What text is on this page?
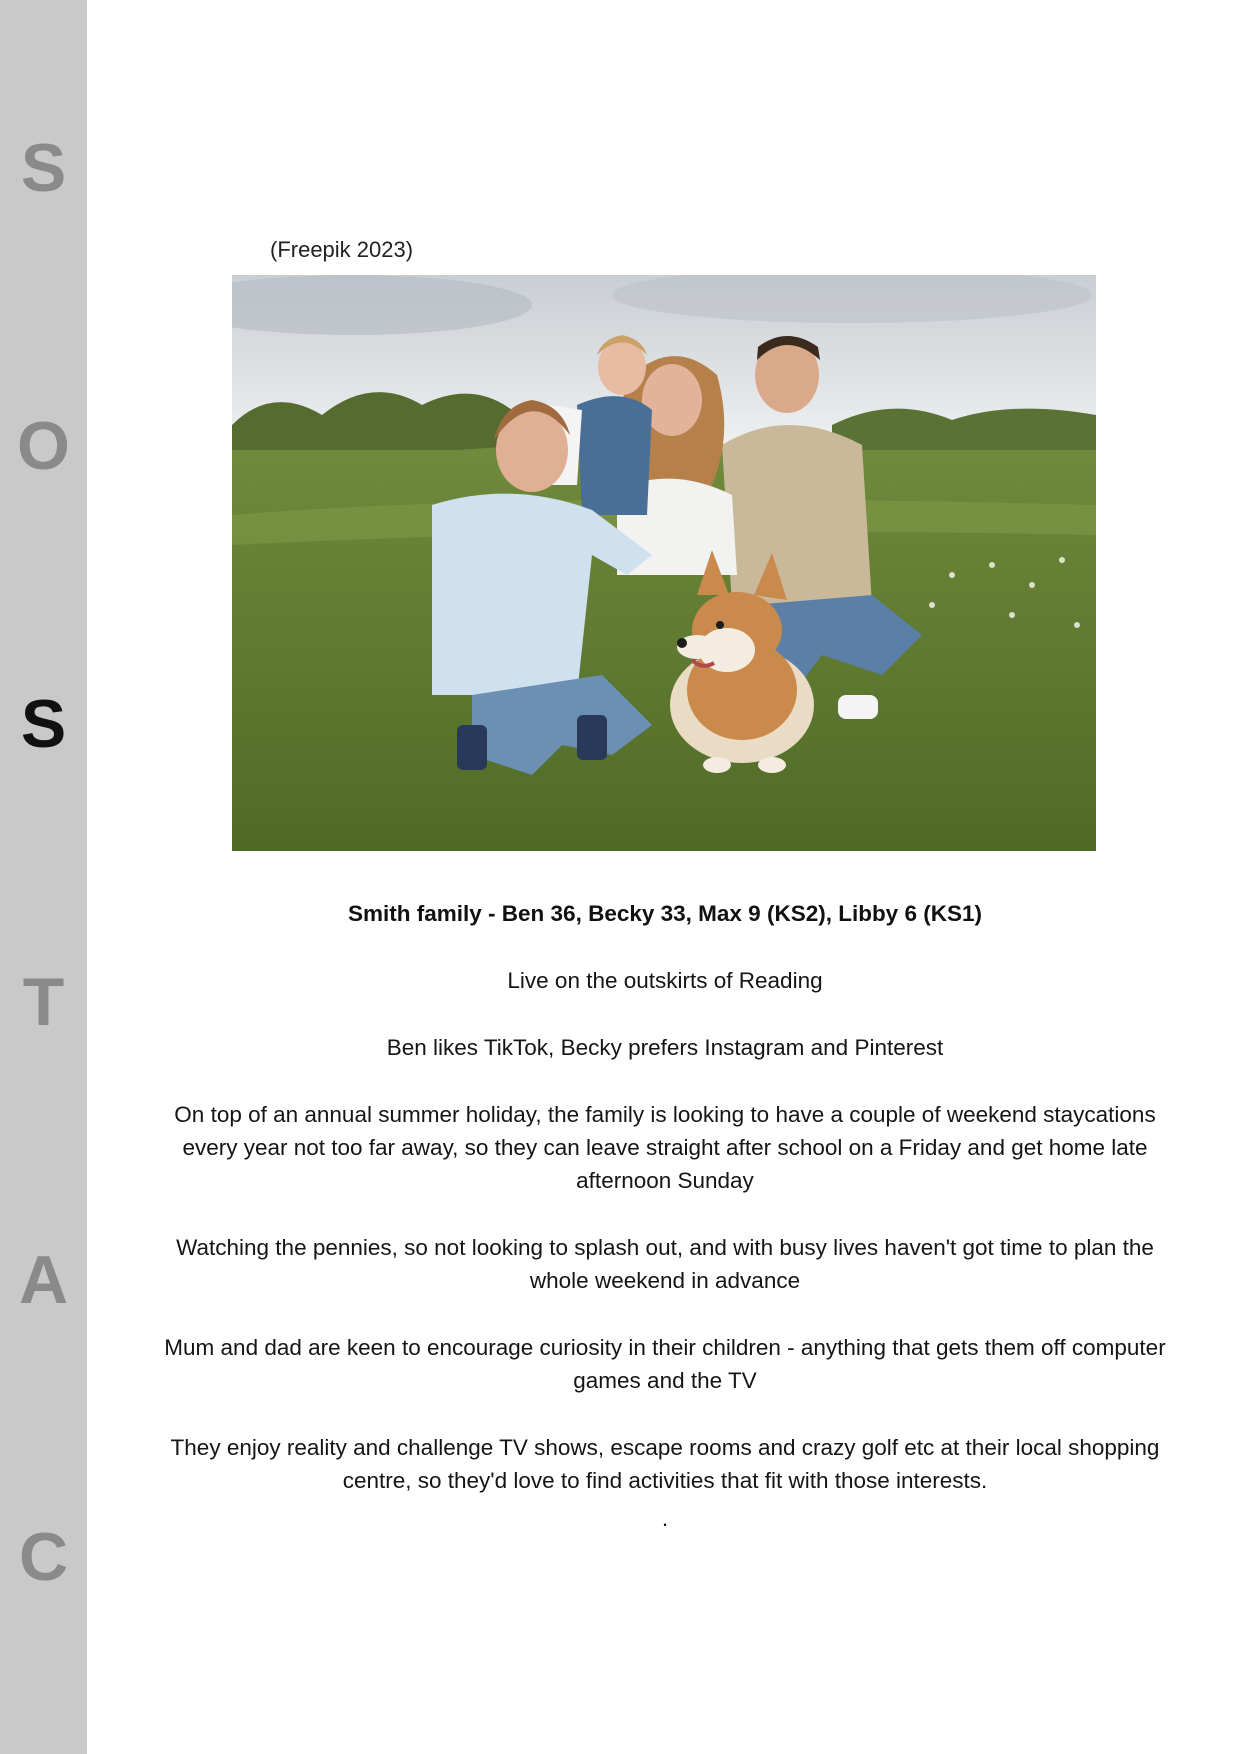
S
O
S
T
A
C
(Freepik 2023)

Smith family - Ben 36, Becky 33, Max 9 (KS2), Libby 6 (KS1)

Live on the outskirts of Reading

Ben likes TikTok, Becky prefers Instagram and Pinterest

On top of an annual summer holiday, the family is looking to have a couple of weekend staycations every year not too far away, so they can leave straight after school on a Friday and get home late afternoon Sunday

Watching the pennies, so not looking to splash out, and with busy lives haven't got time to plan the whole weekend in advance

Mum and dad are keen to encourage curiosity in their children - anything that gets them off computer games and the TV

They enjoy reality and challenge TV shows, escape rooms and crazy golf etc at their local shopping centre, so they'd love to find activities that fit with those interests.

.
